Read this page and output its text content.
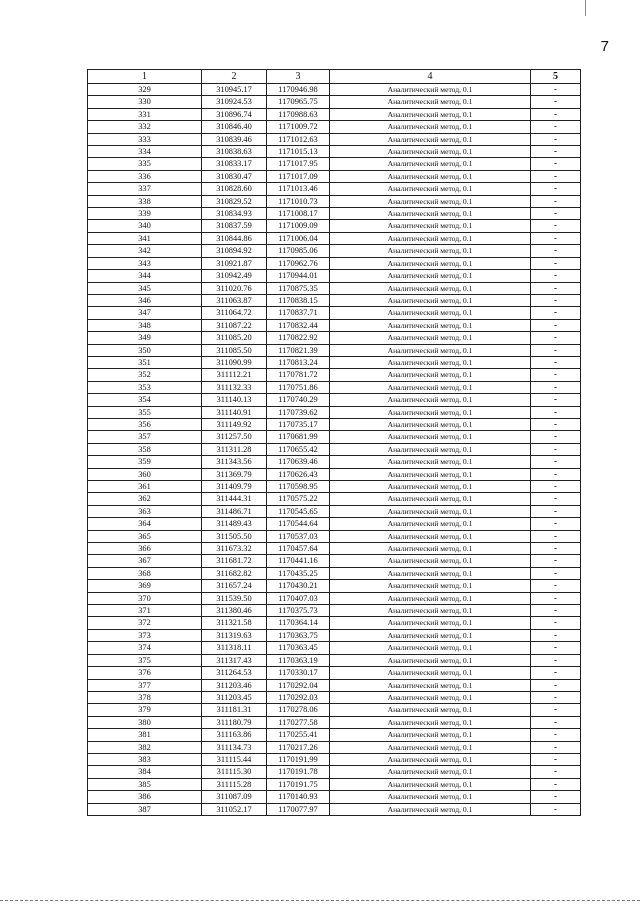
7
1	2	3	4	5
329	310945.17	1170946.98	Аналитический метод, 0.1	-
330	310924.53	1170965.75	Аналитический метод, 0.1	-
331	310896.74	1170988.63	Аналитический метод, 0.1	-
332	310846.40	1171009.72	Аналитический метод, 0.1	-
333	310839.46	1171012.63	Аналитический метод, 0.1	-
334	310838.63	1171015.13	Аналитический метод, 0.1	-
335	310833.17	1171017.95	Аналитический метод, 0.1	-
336	310830.47	1171017.09	Аналитический метод, 0.1	-
337	310828.60	1171013.46	Аналитический метод, 0.1	-
338	310829.52	1171010.73	Аналитический метод, 0.1	-
339	310834.93	1171008.17	Аналитический метод, 0.1	-
340	310837.59	1171009.09	Аналитический метод, 0.1	-
341	310844.86	1171006.04	Аналитический метод, 0.1	-
342	310894.92	1170985.06	Аналитический метод, 0.1	-
343	310921.87	1170962.76	Аналитический метод, 0.1	-
344	310942.49	1170944.01	Аналитический метод, 0.1	-
345	311020.76	1170875.35	Аналитический метод, 0.1	-
346	311063.87	1170838.15	Аналитический метод, 0.1	-
347	311064.72	1170837.71	Аналитический метод, 0.1	-
348	311087.22	1170832.44	Аналитический метод, 0.1	-
349	311085.20	1170822.92	Аналитический метод, 0.1	-
350	311085.50	1170821.39	Аналитический метод, 0.1	-
351	311090.99	1170813.24	Аналитический метод, 0.1	-
352	311112.21	1170781.72	Аналитический метод, 0.1	-
353	311132.33	1170751.86	Аналитический метод, 0.1	-
354	311140.13	1170740.29	Аналитический метод, 0.1	-
355	311140.91	1170739.62	Аналитический метод, 0.1	-
356	311149.92	1170735.17	Аналитический метод, 0.1	-
357	311257.50	1170681.99	Аналитический метод, 0.1	-
358	311311.28	1170655.42	Аналитический метод, 0.1	-
359	311343.56	1170639.46	Аналитический метод, 0.1	-
360	311369.79	1170626.43	Аналитический метод, 0.1	-
361	311409.79	1170598.95	Аналитический метод, 0.1	-
362	311444.31	1170575.22	Аналитический метод, 0.1	-
363	311486.71	1170545.65	Аналитический метод, 0.1	-
364	311489.43	1170544.64	Аналитический метод, 0.1	-
365	311505.50	1170537.03	Аналитический метод, 0.1	-
366	311673.32	1170457.64	Аналитический метод, 0.1	-
367	311681.72	1170441.16	Аналитический метод, 0.1	-
368	311682.82	1170435.25	Аналитический метод, 0.1	-
369	311657.24	1170430.21	Аналитический метод, 0.1	-
370	311539.50	1170407.03	Аналитический метод, 0.1	-
371	311380.46	1170375.73	Аналитический метод, 0.1	-
372	311321.58	1170364.14	Аналитический метод, 0.1	-
373	311319.63	1170363.75	Аналитический метод, 0.1	-
374	311318.11	1170363.45	Аналитический метод, 0.1	-
375	311317.43	1170363.19	Аналитический метод, 0.1	-
376	311264.53	1170330.17	Аналитический метод, 0.1	-
377	311203.46	1170292.04	Аналитический метод, 0.1	-
378	311203.45	1170292.03	Аналитический метод, 0.1	-
379	311181.31	1170278.06	Аналитический метод, 0.1	-
380	311180.79	1170277.58	Аналитический метод, 0.1	-
381	311163.86	1170255.41	Аналитический метод, 0.1	-
382	311134.73	1170217.26	Аналитический метод, 0.1	-
383	311115.44	1170191.99	Аналитический метод, 0.1	-
384	311115.30	1170191.78	Аналитический метод, 0.1	-
385	311115.28	1170191.75	Аналитический метод, 0.1	-
386	311087.09	1170140.93	Аналитический метод, 0.1	-
387	311052.17	1170077.97	Аналитический метод, 0.1	-
